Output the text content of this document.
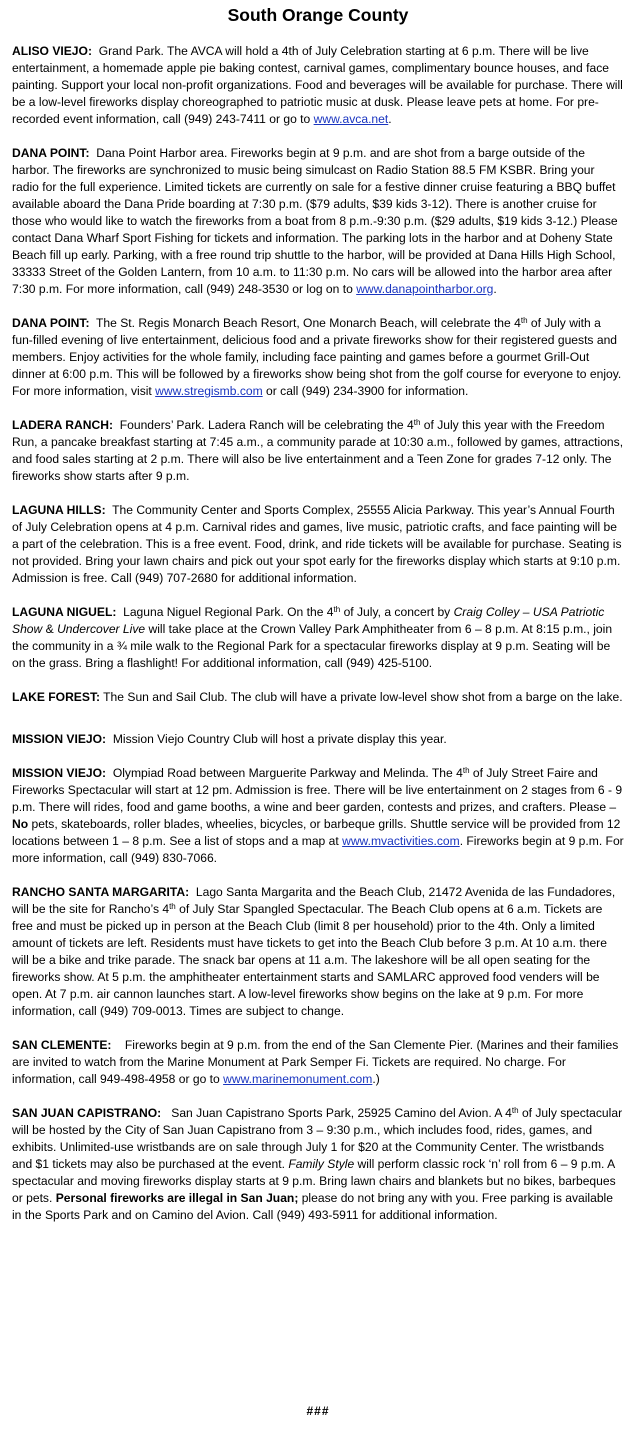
South Orange County

ALISO VIEJO: Grand Park. The AVCA will hold a 4th of July Celebration starting at 6 p.m. There will be live entertainment, a homemade apple pie baking contest, carnival games, complimentary bounce houses, and face painting. Support your local non-profit organizations. Food and beverages will be available for purchase. There will be a low-level fireworks display choreographed to patriotic music at dusk. Please leave pets at home. For pre-recorded event information, call (949) 243-7411 or go to www.avca.net.

DANA POINT: Dana Point Harbor area. Fireworks begin at 9 p.m. and are shot from a barge outside of the harbor. The fireworks are synchronized to music being simulcast on Radio Station 88.5 FM KSBR. Bring your radio for the full experience. Limited tickets are currently on sale for a festive dinner cruise featuring a BBQ buffet available aboard the Dana Pride boarding at 7:30 p.m. ($79 adults, $39 kids 3-12). There is another cruise for those who would like to watch the fireworks from a boat from 8 p.m.-9:30 p.m. ($29 adults, $19 kids 3-12.) Please contact Dana Wharf Sport Fishing for tickets and information. The parking lots in the harbor and at Doheny State Beach fill up early. Parking, with a free round trip shuttle to the harbor, will be provided at Dana Hills High School, 33333 Street of the Golden Lantern, from 10 a.m. to 11:30 p.m. No cars will be allowed into the harbor area after 7:30 p.m. For more information, call (949) 248-3530 or log on to www.danapointharbor.org.

DANA POINT: The St. Regis Monarch Beach Resort, One Monarch Beach, will celebrate the 4th of July with a fun-filled evening of live entertainment, delicious food and a private fireworks show for their registered guests and members. Enjoy activities for the whole family, including face painting and games before a gourmet Grill-Out dinner at 6:00 p.m. This will be followed by a fireworks show being shot from the golf course for everyone to enjoy. For more information, visit www.stregismb.com or call (949) 234-3900 for information.

LADERA RANCH: Founders’ Park. Ladera Ranch will be celebrating the 4th of July this year with the Freedom Run, a pancake breakfast starting at 7:45 a.m., a community parade at 10:30 a.m., followed by games, attractions, and food sales starting at 2 p.m. There will also be live entertainment and a Teen Zone for grades 7-12 only. The fireworks show starts after 9 p.m.

LAGUNA HILLS: The Community Center and Sports Complex, 25555 Alicia Parkway. This year’s Annual Fourth of July Celebration opens at 4 p.m. Carnival rides and games, live music, patriotic crafts, and face painting will be a part of the celebration. This is a free event. Food, drink, and ride tickets will be available for purchase. Seating is not provided. Bring your lawn chairs and pick out your spot early for the fireworks display which starts at 9:10 p.m. Admission is free. Call (949) 707-2680 for additional information.

LAGUNA NIGUEL: Laguna Niguel Regional Park. On the 4th of July, a concert by Craig Colley – USA Patriotic Show & Undercover Live will take place at the Crown Valley Park Amphitheater from 6 – 8 p.m. At 8:15 p.m., join the community in a ¾ mile walk to the Regional Park for a spectacular fireworks display at 9 p.m. Seating will be on the grass. Bring a flashlight! For additional information, call (949) 425-5100.

LAKE FOREST: The Sun and Sail Club. The club will have a private low-level show shot from a barge on the lake.

MISSION VIEJO: Mission Viejo Country Club will host a private display this year.

MISSION VIEJO: Olympiad Road between Marguerite Parkway and Melinda. The 4th of July Street Faire and Fireworks Spectacular will start at 12 pm. Admission is free. There will be live entertainment on 2 stages from 6 - 9 p.m. There will rides, food and game booths, a wine and beer garden, contests and prizes, and crafters. Please – No pets, skateboards, roller blades, wheelies, bicycles, or barbeque grills. Shuttle service will be provided from 12 locations between 1 – 8 p.m. See a list of stops and a map at www.mvactivities.com. Fireworks begin at 9 p.m. For more information, call (949) 830-7066.

RANCHO SANTA MARGARITA: Lago Santa Margarita and the Beach Club, 21472 Avenida de las Fundadores, will be the site for Rancho’s 4th of July Star Spangled Spectacular. The Beach Club opens at 6 a.m. Tickets are free and must be picked up in person at the Beach Club (limit 8 per household) prior to the 4th. Only a limited amount of tickets are left. Residents must have tickets to get into the Beach Club before 3 p.m. At 10 a.m. there will be a bike and trike parade. The snack bar opens at 11 a.m. The lakeshore will be all open seating for the fireworks show. At 5 p.m. the amphitheater entertainment starts and SAMLARC approved food venders will be open. At 7 p.m. air cannon launches start. A low-level fireworks show begins on the lake at 9 p.m. For more information, call (949) 709-0013. Times are subject to change.

SAN CLEMENTE: Fireworks begin at 9 p.m. from the end of the San Clemente Pier. (Marines and their families are invited to watch from the Marine Monument at Park Semper Fi. Tickets are required. No charge. For information, call 949-498-4958 or go to www.marinemonument.com.)

SAN JUAN CAPISTRANO: San Juan Capistrano Sports Park, 25925 Camino del Avion. A 4th of July spectacular will be hosted by the City of San Juan Capistrano from 3 – 9:30 p.m., which includes food, rides, games, and exhibits. Unlimited-use wristbands are on sale through July 1 for $20 at the Community Center. The wristbands and $1 tickets may also be purchased at the event. Family Style will perform classic rock ‘n’ roll from 6 – 9 p.m. A spectacular and moving fireworks display starts at 9 p.m. Bring lawn chairs and blankets but no bikes, barbeques or pets. Personal fireworks are illegal in San Juan; please do not bring any with you. Free parking is available in the Sports Park and on Camino del Avion. Call (949) 493-5911 for additional information.

###
